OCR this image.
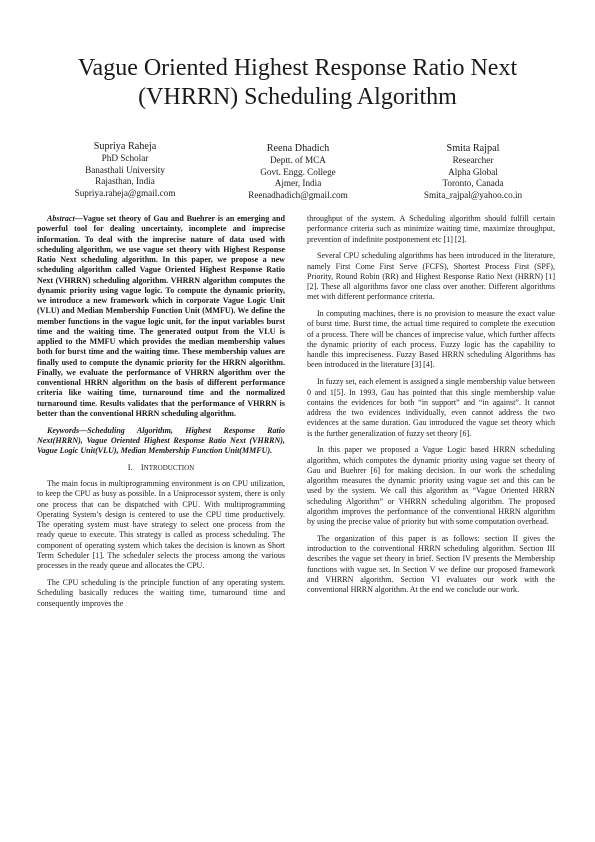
Vague Oriented Highest Response Ratio Next
(VHRRN) Scheduling Algorithm
Supriya Raheja
PhD Scholar
Banasthali University
Rajasthan, India
Supriya.raheja@gmail.com
Reena Dhadich
Deptt. of MCA
Govt. Engg. College
Ajmer, India
Reenadhadich@gmail.com
Smita Rajpal
Researcher
Alpha Global
Toronto, Canada
Smita_rajpal@yahoo.co.in

Abstract—Vague set theory of Gau and Buehrer is an emerging and powerful tool for dealing uncertainty, incomplete and imprecise information. To deal with the imprecise nature of data used with scheduling algorithm, we use vague set theory with Highest Response Ratio Next scheduling algorithm. In this paper, we propose a new scheduling algorithm called Vague Oriented Highest Response Ratio Next (VHRRN) scheduling algorithm. VHRRN algorithm computes the dynamic priority using vague logic. To compute the dynamic priority, we introduce a new framework which in corporate Vague Logic Unit (VLU) and Median Membership Function Unit (MMFU). We define the member functions in the vague logic unit, for the input variables burst time and the waiting time. The generated output from the VLU is applied to the MMFU which provides the median membership values both for burst time and the waiting time. These membership values are finally used to compute the dynamic priority for the HRRN algorithm. Finally, we evaluate the performance of VHRRN algorithm over the conventional HRRN algorithm on the basis of different performance criteria like waiting time, turnaround time and the normalized turnaround time. Results validates that the performance of VHRRN is better than the conventional HRRN scheduling algorithm.

Keywords—Scheduling Algorithm, Highest Response Ratio Next(HRRN), Vague Oriented Highest Response Ratio Next (VHRRN), Vague Logic Unit(VLU), Median Membership Function Unit(MMFU).

I. INTRODUCTION

The main focus in multiprogramming environment is on CPU utilization, to keep the CPU as busy as possible. In a Uniprocessor system, there is only one process that can be dispatched with CPU. With multiprogramming Operating System’s design is centered to use the CPU time productively. The operating system must have strategy to select one process from the ready queue to execute. This strategy is called as process scheduling. The component of operating system which takes the decision is known as Short Term Scheduler [1]. The scheduler selects the process among the various processes in the ready queue and allocates the CPU.

The CPU scheduling is the principle function of any operating system. Scheduling basically reduces the waiting time, turnaround time and consequently improves the

throughput of the system. A Scheduling algorithm should fulfill certain performance criteria such as minimize waiting time, maximize throughput, prevention of indefinite postponement etc [1] [2].

Several CPU scheduling algorithms has been introduced in the literature, namely First Come First Serve (FCFS), Shortest Process First (SPF), Priority, Round Robin (RR) and Highest Response Ratio Next (HRRN) [1][2]. These all algorithms favor one class over another. Different algorithms met with different performance criteria.

In computing machines, there is no provision to measure the exact value of burst time. Burst time, the actual time required to complete the execution of a process. There will be chances of imprecise value, which further affects the dynamic priority of each process. Fuzzy logic has the capability to handle this impreciseness. Fuzzy Based HRRN scheduling Algorithms has been introduced in the literature [3] [4].

In fuzzy set, each element is assigned a single membership value between 0 and 1[5]. In 1993, Gau has pointed that this single membership value contains the evidences for both “in support” and “in against”. It cannot address the two evidences individually, even cannot address the two evidences at the same duration. Gau introduced the vague set theory which is the further generalization of fuzzy set theory [6].

In this paper we proposed a Vague Logic based HRRN scheduling algorithm, which computes the dynamic priority using vague set theory of Gau and Buehrer [6] for making decision. In our work the scheduling algorithm measures the dynamic priority using vague set and this can be used by the system. We call this algorithm as “Vague Oriented HRRN scheduling Algorithm” or VHRRN scheduling algorithm. The proposed algorithm improves the performance of the conventional HRRN algorithm by using the precise value of priority but with some computation overhead.

The organization of this paper is as follows: section II gives the introduction to the conventional HRRN scheduling algorithm. Section III describes the vague set theory in brief. Section IV presents the Membership functions with vague set. In Section V we define our proposed framework and VHRRN algorithm. Section VI evaluates our work with the conventional HRRN algorithm. At the end we conclude our work.
